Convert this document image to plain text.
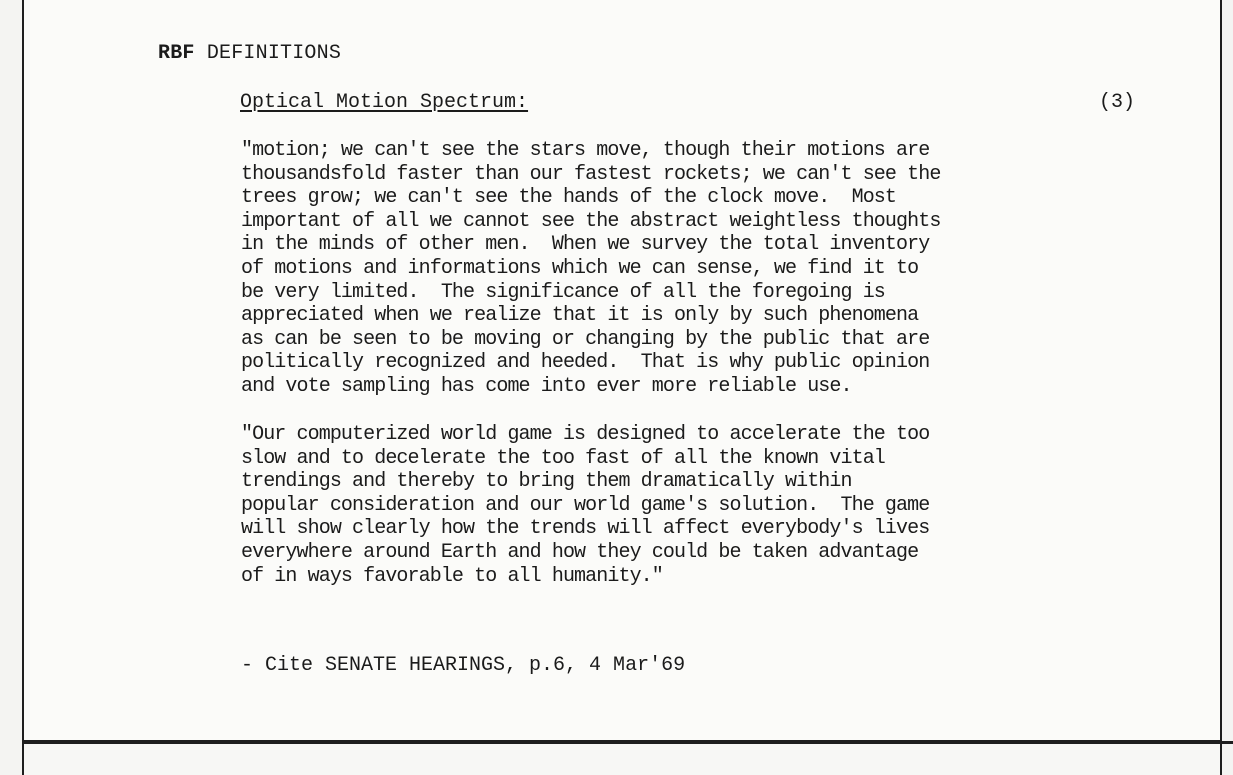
RBF DEFINITIONS
Optical Motion Spectrum:	(3)
"motion; we can't see the stars move, though their motions are
thousandsfold faster than our fastest rockets; we can't see the
trees grow; we can't see the hands of the clock move.  Most
important of all we cannot see the abstract weightless thoughts
in the minds of other men.  When we survey the total inventory
of motions and informations which we can sense, we find it to
be very limited.  The significance of all the foregoing is
appreciated when we realize that it is only by such phenomena
as can be seen to be moving or changing by the public that are
politically recognized and heeded.  That is why public opinion
and vote sampling has come into ever more reliable use.
"Our computerized world game is designed to accelerate the too
slow and to decelerate the too fast of all the known vital
trendings and thereby to bring them dramatically within
popular consideration and our world game's solution.  The game
will show clearly how the trends will affect everybody's lives
everywhere around Earth and how they could be taken advantage
of in ways favorable to all humanity."
- Cite SENATE HEARINGS, p.6, 4 Mar'69
